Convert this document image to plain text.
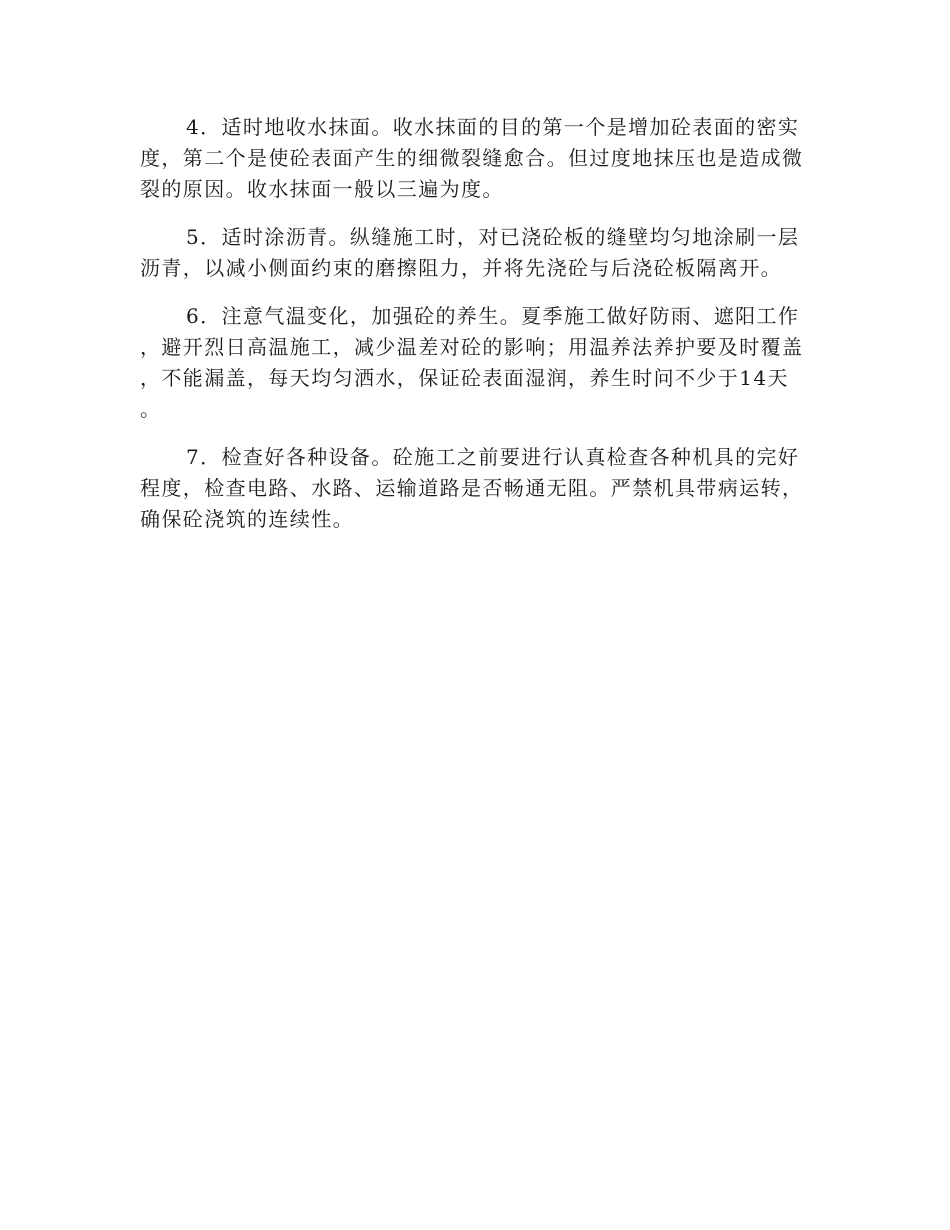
4．适时地收水抹面。收水抹面的目的第一个是增加砼表面的密实度，第二个是使砼表面产生的细微裂缝愈合。但过度地抹压也是造成微裂的原因。收水抹面一般以三遍为度。

5．适时涂沥青。纵缝施工时，对已浇砼板的缝壁均匀地涂刷一层沥青，以减小侧面约束的磨擦阻力，并将先浇砼与后浇砼板隔离开。

6．注意气温变化，加强砼的养生。夏季施工做好防雨、遮阳工作，避开烈日高温施工，减少温差对砼的影响；用温养法养护要及时覆盖，不能漏盖，每天均匀洒水，保证砼表面湿润，养生时问不少于14天。

7．检查好各种设备。砼施工之前要进行认真检查各种机具的完好程度，检查电路、水路、运输道路是否畅通无阻。严禁机具带病运转，确保砼浇筑的连续性。
